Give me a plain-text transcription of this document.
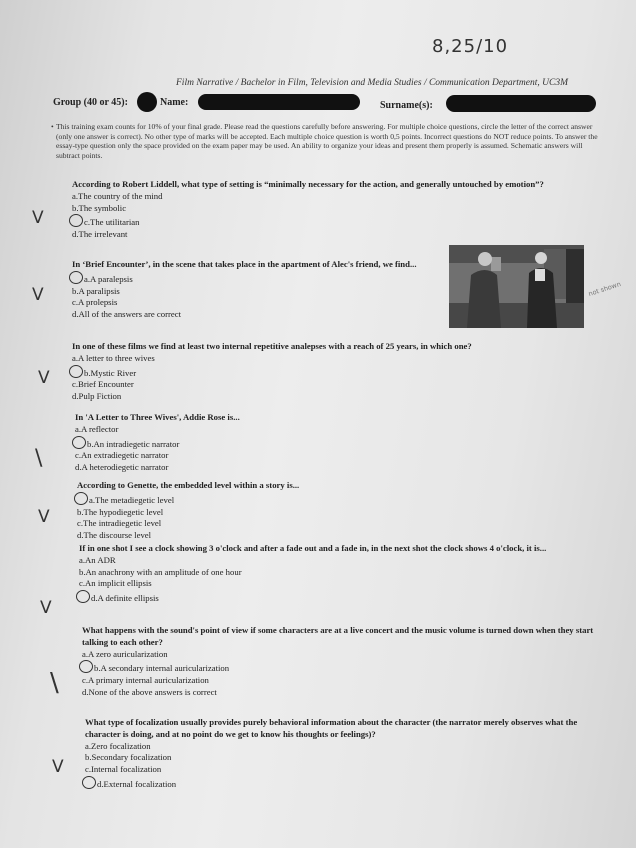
8,25/10
Film Narrative / Bachelor in Film, Television and Media Studies / Communication Department, UC3M
Group (40 or 45):	Name:	Surname(s):
• This training exam counts for 10% of your final grade. Please read the questions carefully before answering. For multiple choice questions, circle the letter of the correct answer (only one answer is correct). No other type of marks will be accepted. Each multiple choice question is worth 0,5 points. Incorrect questions do NOT reduce points. To answer the essay-type question only the space provided on the exam paper may be used. An ability to organize your ideas and present them properly is assumed. Schematic answers will subtract points.
According to Robert Liddell, what type of setting is “minimally necessary for the action, and generally untouched by emotion”?
a.The country of the mind
b.The symbolic
c.The utilitarian
d.The irrelevant
V
In ‘Brief Encounter’, in the scene that takes place in the apartment of Alec's friend, we find...
a.A paralepsis
b.A paralipsis
c.A prolepsis
d.All of the answers are correct
V	not shown
In one of these films we find at least two internal repetitive analepses with a reach of 25 years, in which one?
a.A letter to three wives
b.Mystic River
c.Brief Encounter
d.Pulp Fiction
V
In 'A Letter to Three Wives', Addie Rose is...
a.A reflector
b.An intradiegetic narrator
c.An extradiegetic narrator
d.A heterodiegetic narrator
\
According to Genette, the embedded level within a story is...
a.The metadiegetic level
b.The hypodiegetic level
c.The intradiegetic level
d.The discourse level
V
If in one shot I see a clock showing 3 o'clock and after a fade out and a fade in, in the next shot the clock shows 4 o'clock, it is...
a.An ADR
b.An anachrony with an amplitude of one hour
c.An implicit ellipsis
d.A definite ellipsis
V
What happens with the sound's point of view if some characters are at a live concert and the music volume is turned down when they start talking to each other?
a.A zero auricularization
b.A secondary internal auricularization
c.A primary internal auricularization
d.None of the above answers is correct
\
What type of focalization usually provides purely behavioral information about the character (the narrator merely observes what the character is doing, and at no point do we get to know his thoughts or feelings)?
a.Zero focalization
b.Secondary focalization
c.Internal focalization
d.External focalization
V
